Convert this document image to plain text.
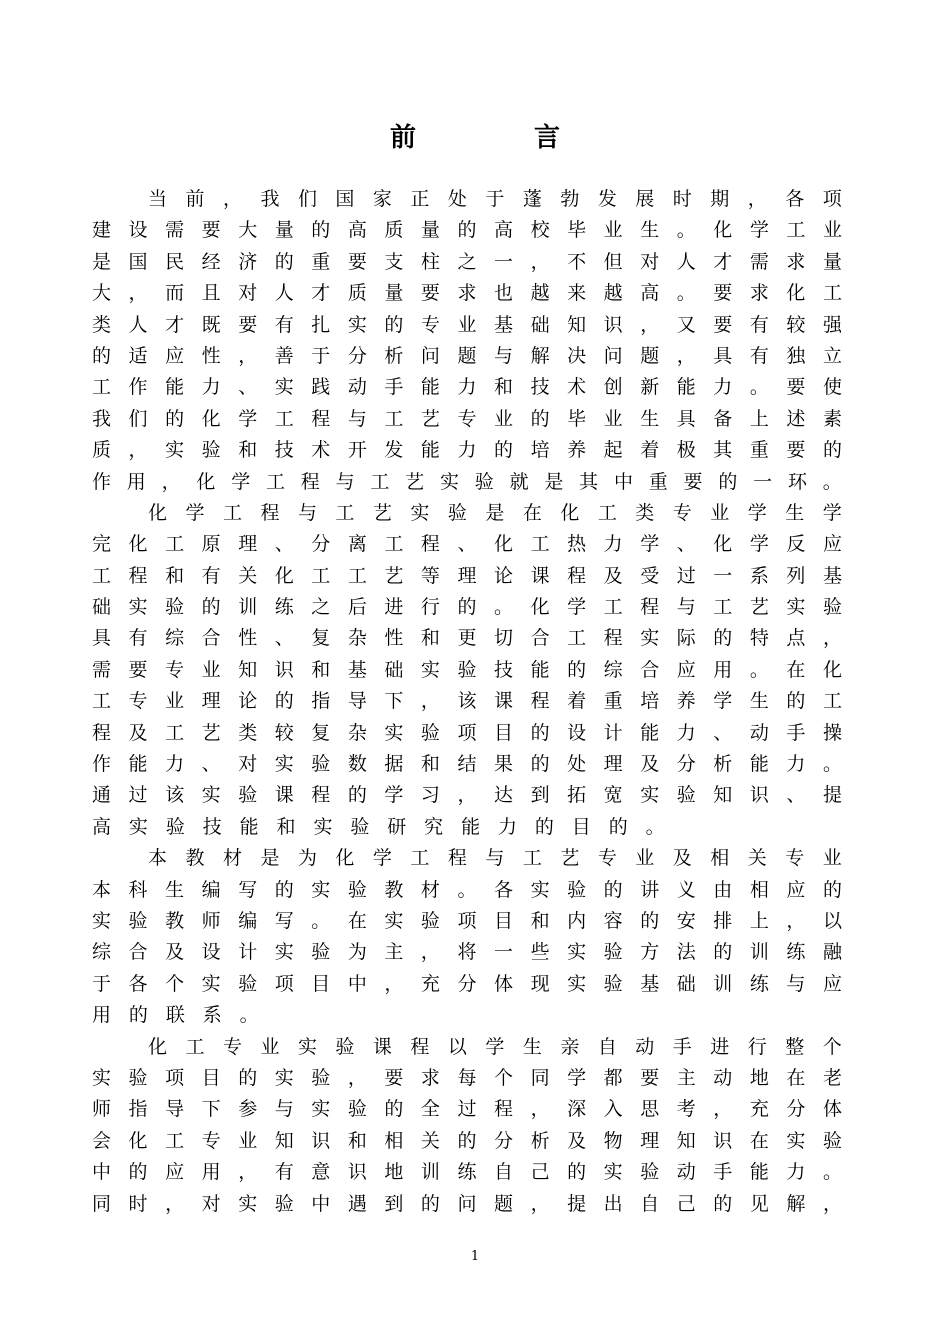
前　言
当 前 ， 我 们 国 家 正 处 于 蓬 勃 发 展 时 期 ， 各 项
建 设 需 要 大 量 的 高 质 量 的 高 校 毕 业 生 。 化 学 工 业
是 国 民 经 济 的 重 要 支 柱 之 一 ， 不 但 对 人 才 需 求 量
大 ， 而 且 对 人 才 质 量 要 求 也 越 来 越 高 。 要 求 化 工
类 人 才 既 要 有 扎 实 的 专 业 基 础 知 识 ， 又 要 有 较 强
的 适 应 性 ， 善 于 分 析 问 题 与 解 决 问 题 ， 具 有 独 立
工 作 能 力 、 实 践 动 手 能 力 和 技 术 创 新 能 力 。 要 使
我 们 的 化 学 工 程 与 工 艺 专 业 的 毕 业 生 具 备 上 述 素
质 ， 实 验 和 技 术 开 发 能 力 的 培 养 起 着 极 其 重 要 的
作 用 ， 化 学 工 程 与 工 艺 实 验 就 是 其 中 重 要 的 一 环 。
化 学 工 程 与 工 艺 实 验 是 在 化 工 类 专 业 学 生 学
完 化 工 原 理 、 分 离 工 程 、 化 工 热 力 学 、 化 学 反 应
工 程 和 有 关 化 工 工 艺 等 理 论 课 程 及 受 过 一 系 列 基
础 实 验 的 训 练 之 后 进 行 的 。 化 学 工 程 与 工 艺 实 验
具 有 综 合 性 、 复 杂 性 和 更 切 合 工 程 实 际 的 特 点 ，
需 要 专 业 知 识 和 基 础 实 验 技 能 的 综 合 应 用 。 在 化
工 专 业 理 论 的 指 导 下 ， 该 课 程 着 重 培 养 学 生 的 工
程 及 工 艺 类 较 复 杂 实 验 项 目 的 设 计 能 力 、 动 手 操
作 能 力 、 对 实 验 数 据 和 结 果 的 处 理 及 分 析 能 力 。
通 过 该 实 验 课 程 的 学 习 ， 达 到 拓 宽 实 验 知 识 、 提
高 实 验 技 能 和 实 验 研 究 能 力 的 目 的 。
本 教 材 是 为 化 学 工 程 与 工 艺 专 业 及 相 关 专 业
本 科 生 编 写 的 实 验 教 材 。 各 实 验 的 讲 义 由 相 应 的
实 验 教 师 编 写 。 在 实 验 项 目 和 内 容 的 安 排 上 ， 以
综 合 及 设 计 实 验 为 主 ， 将 一 些 实 验 方 法 的 训 练 融
于 各 个 实 验 项 目 中 ， 充 分 体 现 实 验 基 础 训 练 与 应
用 的 联 系 。
化 工 专 业 实 验 课 程 以 学 生 亲 自 动 手 进 行 整 个
实 验 项 目 的 实 验 ， 要 求 每 个 同 学 都 要 主 动 地 在 老
师 指 导 下 参 与 实 验 的 全 过 程 ， 深 入 思 考 ， 充 分 体
会 化 工 专 业 知 识 和 相 关 的 分 析 及 物 理 知 识 在 实 验
中 的 应 用 ， 有 意 识 地 训 练 自 己 的 实 验 动 手 能 力 。
同 时 ， 对 实 验 中 遇 到 的 问 题 ， 提 出 自 己 的 见 解 ，
1
